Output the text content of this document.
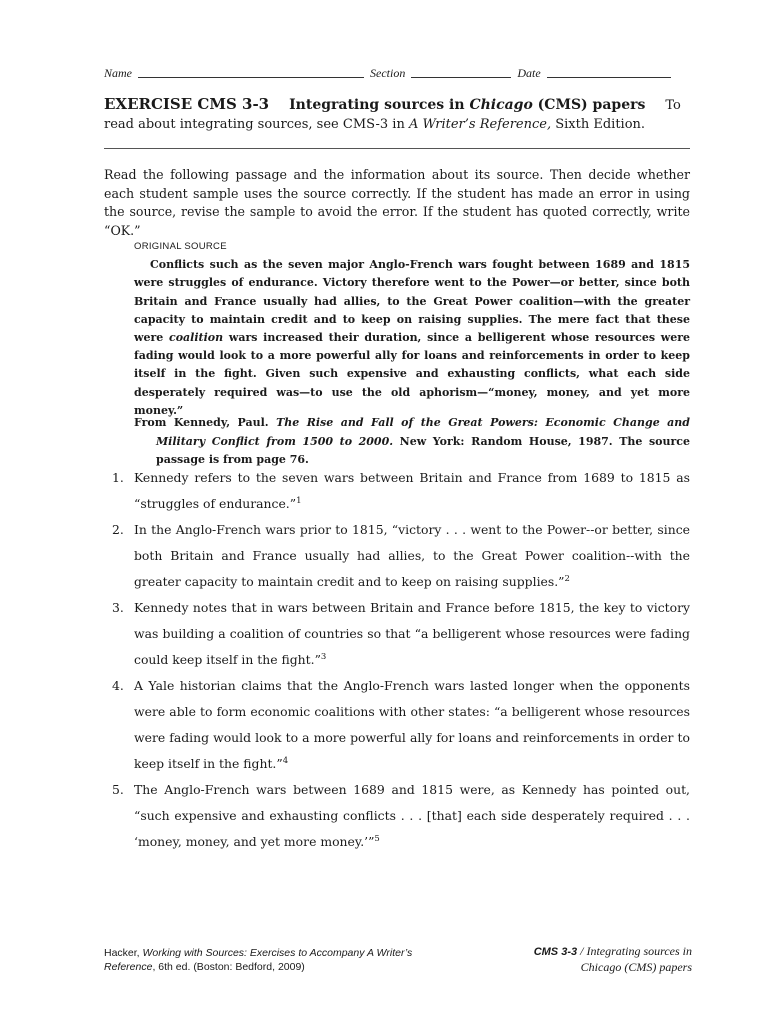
Name	Section	Date
EXERCISE CMS 3-3 Integrating sources in Chicago (CMS) papers To read about integrating sources, see CMS-3 in A Writer’s Reference, Sixth Edition.
Read the following passage and the information about its source. Then decide whether each student sample uses the source correctly. If the student has made an error in using the source, revise the sample to avoid the error. If the student has quoted correctly, write “OK.”
ORIGINAL SOURCE
Conflicts such as the seven major Anglo-French wars fought between 1689 and 1815 were struggles of endurance. Victory therefore went to the Power—or better, since both Britain and France usually had allies, to the Great Power coalition—with the greater capacity to maintain credit and to keep on raising supplies. The mere fact that these were coalition wars increased their duration, since a belligerent whose resources were fading would look to a more powerful ally for loans and reinforcements in order to keep itself in the fight. Given such expensive and exhausting conflicts, what each side desperately required was—to use the old aphorism—“money, money, and yet more money.”
From Kennedy, Paul. The Rise and Fall of the Great Powers: Economic Change and Military Conflict from 1500 to 2000. New York: Random House, 1987. The source passage is from page 76.
1. Kennedy refers to the seven wars between Britain and France from 1689 to 1815 as “struggles of endurance.”$^1$
2. In the Anglo-French wars prior to 1815, “victory . . . went to the Power--or better, since both Britain and France usually had allies, to the Great Power coalition--with the greater capacity to maintain credit and to keep on raising supplies.”$^2$
3. Kennedy notes that in wars between Britain and France before 1815, the key to victory was building a coalition of countries so that “a belligerent whose resources were fading could keep itself in the fight.”$^3$
4. A Yale historian claims that the Anglo-French wars lasted longer when the opponents were able to form economic coalitions with other states: “a belligerent whose resources were fading would look to a more powerful ally for loans and reinforcements in order to keep itself in the fight.”$^4$
5. The Anglo-French wars between 1689 and 1815 were, as Kennedy has pointed out, “such expensive and exhausting conflicts . . . [that] each side desperately required . . . ‘money, money, and yet more money.’”$^5$
Hacker, Working with Sources: Exercises to Accompany A Writer’s Reference, 6th ed. (Boston: Bedford, 2009)
CMS 3-3 / Integrating sources in
Chicago (CMS) papers
